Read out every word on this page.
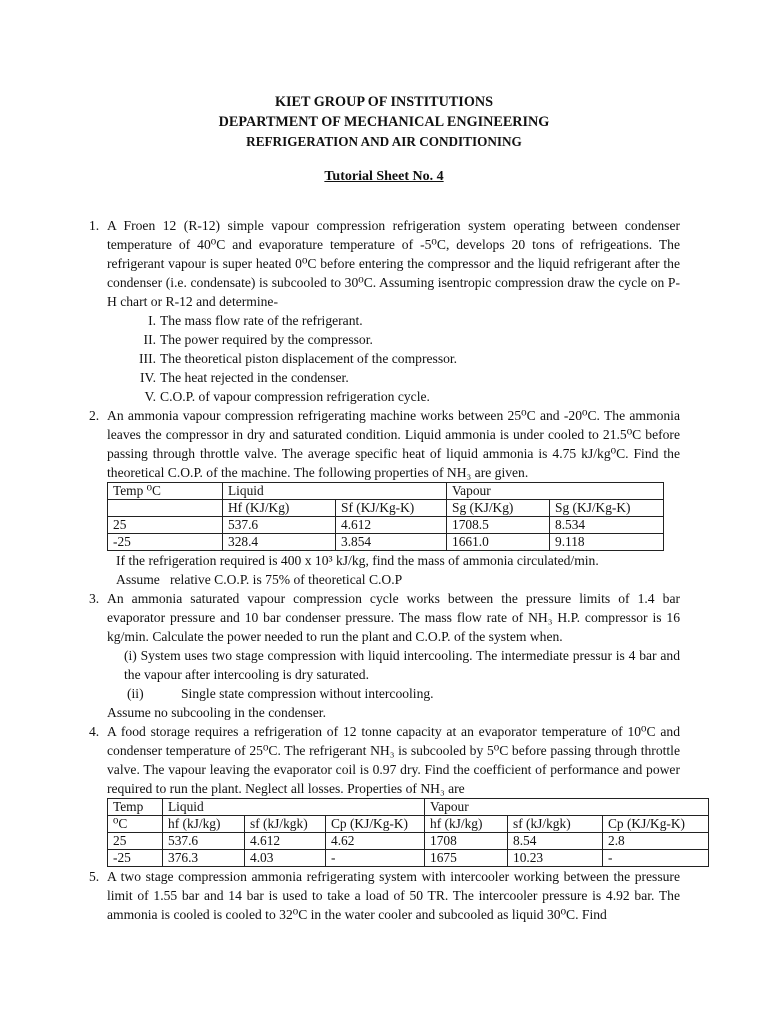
KIET GROUP OF INSTITUTIONS
DEPARTMENT OF MECHANICAL ENGINEERING
REFRIGERATION AND AIR CONDITIONING
Tutorial Sheet No. 4
1. A Froen 12 (R-12) simple vapour compression refrigeration system operating between condenser temperature of 40⁰C and evaporature temperature of -5⁰C, develops 20 tons of refrigeations. The refrigerant vapour is super heated 0⁰C before entering the compressor and the liquid refrigerant after the condenser (i.e. condensate) is subcooled to 30⁰C. Assuming isentropic compression draw the cycle on P-H chart or R-12 and determine-
I. The mass flow rate of the refrigerant.
II. The power required by the compressor.
III. The theoretical piston displacement of the compressor.
IV. The heat rejected in the condenser.
V. C.O.P. of vapour compression refrigeration cycle.
2. An ammonia vapour compression refrigerating machine works between 25⁰C and -20⁰C. The ammonia leaves the compressor in dry and saturated condition. Liquid ammonia is under cooled to 21.5⁰C before passing through throttle valve. The average specific heat of liquid ammonia is 4.75 kJ/kg⁰C. Find the theoretical C.O.P. of the machine. The following properties of NH₃ are given.
Temp ⁰C	Liquid		Vapour	
	Hf (KJ/Kg)	Sf (KJ/Kg-K)	Sg (KJ/Kg)	Sg (KJ/Kg-K)
25	537.6	4.612	1708.5	8.534
-25	328.4	3.854	1661.0	9.118
If the refrigeration required is 400 x 10³ kJ/kg, find the mass of ammonia circulated/min.
Assume   relative C.O.P. is 75% of theoretical C.O.P
3. An ammonia saturated vapour compression cycle works between the pressure limits of 1.4 bar evaporator pressure and 10 bar condenser pressure. The mass flow rate of NH₃ H.P. compressor is 16 kg/min. Calculate the power needed to run the plant and C.O.P. of the system when.
(i) System uses two stage compression with liquid intercooling. The intermediate pressur is 4 bar and the vapour after intercooling is dry saturated.
(ii)	Single state compression without intercooling.
Assume no subcooling in the condenser.
4. A food storage requires a refrigeration of 12 tonne capacity at an evaporator temperature of 10⁰C and condenser temperature of 25⁰C. The refrigerant NH₃ is subcooled by 5⁰C before passing through throttle valve. The vapour leaving the evaporator coil is 0.97 dry. Find the coefficient of performance and power required to run the plant. Neglect all losses. Properties of NH₃ are
Temp	Liquid			Vapour		
⁰C	hf (kJ/kg)	sf (kJ/kgk)	Cp (KJ/Kg-K)	hf (kJ/kg)	sf (kJ/kgk)	Cp (KJ/Kg-K)
25	537.6	4.612	4.62	1708	8.54	2.8
-25	376.3	4.03	-	1675	10.23	-
5. A two stage compression ammonia refrigerating system with intercooler working between the pressure limit of 1.55 bar and 14 bar is used to take a load of 50 TR. The intercooler pressure is 4.92 bar. The ammonia is cooled is cooled to 32⁰C in the water cooler and subcooled as liquid 30⁰C. Find
